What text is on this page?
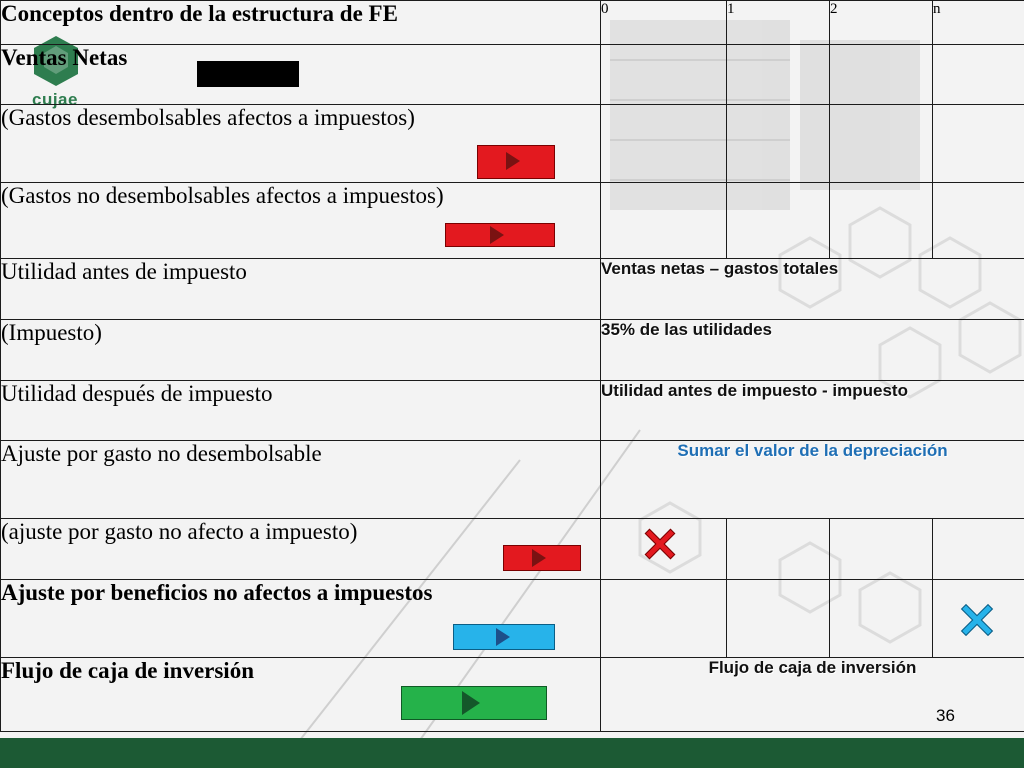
cujae
Conceptos dentro de la estructura de FE	0	1	2	n
Ventas Netas

(Gastos desembolsables afectos a impuestos)

(Gastos no desembolsables afectos a impuestos)

Utilidad antes de impuesto	Ventas netas – gastos totales			
(Impuesto)	35% de las utilidades			
Utilidad después de impuesto	Utilidad antes de impuesto - impuesto			
Ajuste por gasto no desembolsable	Sumar el valor de la depreciación			
(ajuste por gasto no afecto a impuesto)

Ajuste por beneficios no afectos a impuestos

Flujo de caja de inversión	Flujo de caja de inversión			
36
